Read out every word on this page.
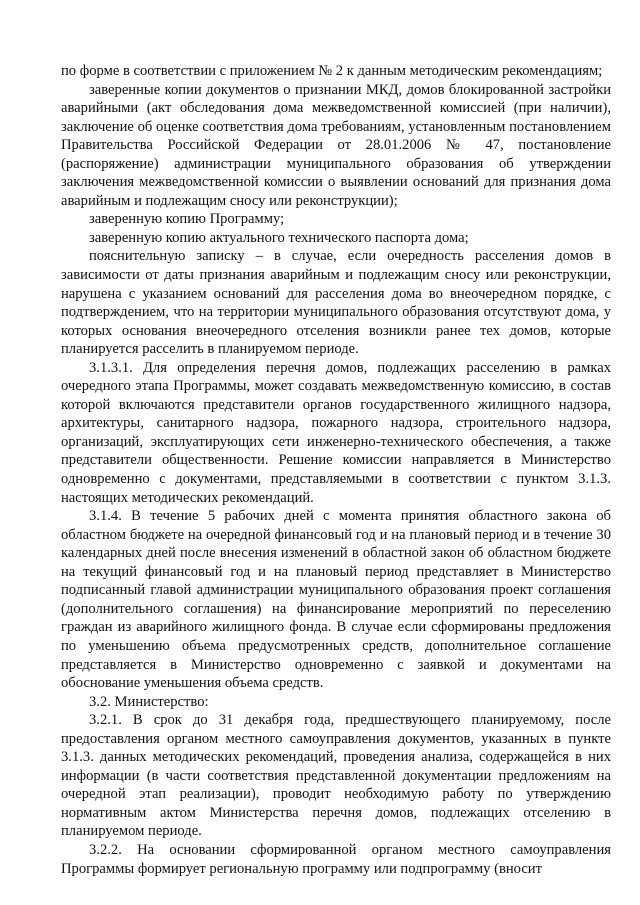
по форме в соответствии с приложением № 2 к данным методическим рекомендациям;

заверенные копии документов о признании МКД, домов блокированной застройки аварийными (акт обследования дома межведомственной комиссией (при наличии), заключение об оценке соответствия дома требованиям, установленным постановлением Правительства Российской Федерации от 28.01.2006 № 47, постановление (распоряжение) администрации муниципального образования об утверждении заключения межведомственной комиссии о выявлении оснований для признания дома аварийным и подлежащим сносу или реконструкции);

заверенную копию Программу;

заверенную копию актуального технического паспорта дома;

пояснительную записку – в случае, если очередность расселения домов в зависимости от даты признания аварийным и подлежащим сносу или реконструкции, нарушена с указанием оснований для расселения дома во внеочередном порядке, с подтверждением, что на территории муниципального образования отсутствуют дома, у которых основания внеочередного отселения возникли ранее тех домов, которые планируется расселить в планируемом периоде.

3.1.3.1. Для определения перечня домов, подлежащих расселению в рамках очередного этапа Программы, может создавать межведомственную комиссию, в состав которой включаются представители органов государственного жилищного надзора, архитектуры, санитарного надзора, пожарного надзора, строительного надзора, организаций, эксплуатирующих сети инженерно-технического обеспечения, а также представители общественности. Решение комиссии направляется в Министерство одновременно с документами, представляемыми в соответствии с пунктом 3.1.3. настоящих методических рекомендаций.

3.1.4. В течение 5 рабочих дней с момента принятия областного закона об областном бюджете на очередной финансовый год и на плановый период и в течение 30 календарных дней после внесения изменений в областной закон об областном бюджете на текущий финансовый год и на плановый период представляет в Министерство подписанный главой администрации муниципального образования проект соглашения (дополнительного соглашения) на финансирование мероприятий по переселению граждан из аварийного жилищного фонда. В случае если сформированы предложения по уменьшению объема предусмотренных средств, дополнительное соглашение представляется в Министерство одновременно с заявкой и документами на обоснование уменьшения объема средств.

3.2. Министерство:

3.2.1. В срок до 31 декабря года, предшествующего планируемому, после предоставления органом местного самоуправления документов, указанных в пункте 3.1.3. данных методических рекомендаций, проведения анализа, содержащейся в них информации (в части соответствия представленной документации предложениям на очередной этап реализации), проводит необходимую работу по утверждению нормативным актом Министерства перечня домов, подлежащих отселению в планируемом периоде.

3.2.2. На основании сформированной органом местного самоуправления Программы формирует региональную программу или подпрограмму (вносит
